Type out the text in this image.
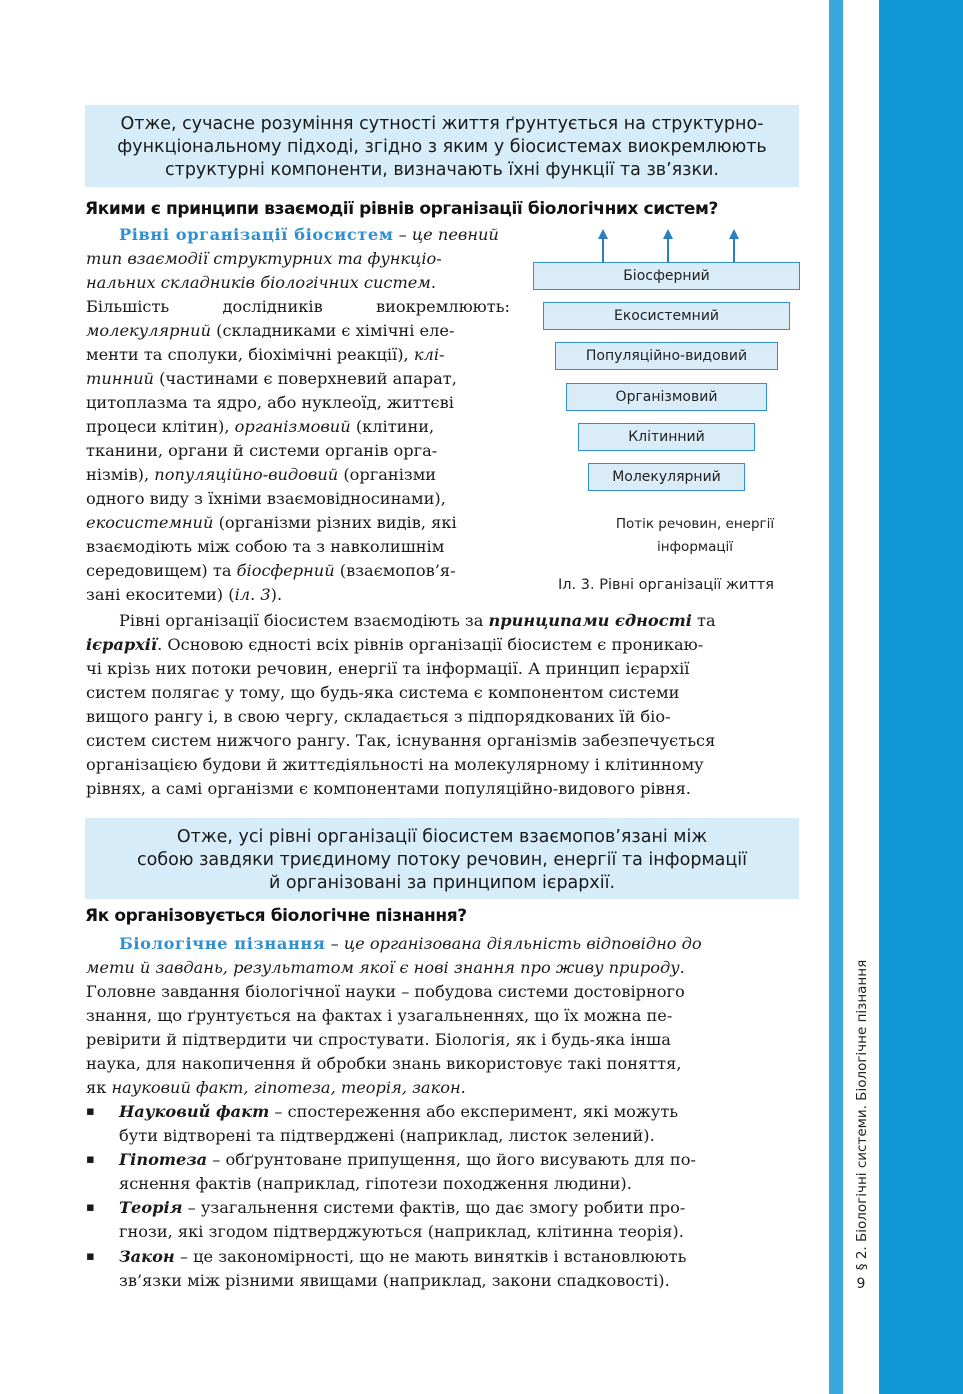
§ 2. Біологічні системи. Біологічне пізнання
9
Отже, сучасне розуміння сутності життя ґрунтується на структурно-
функціональному підході, згідно з яким у біосистемах виокремлюють
структурні компоненти, визначають їхні функції та зв’язки.
Якими є принципи взаємодії рівнів організації біологічних систем?
Біосферний
Екосистемний
Популяційно-видовий
Організмовий
Клітинний
Молекулярний
Потік речовин, енергії
інформації
Іл. 3. Рівні організації життя
Рівні організації біосистем – це певний
тип взаємодії структурних та функціо-
нальних складників біологічних систем.
Більшість дослідників виокремлюють:
молекулярний (складниками є хімічні еле-
менти та сполуки, біохімічні реакції), клі-
тинний (частинами є поверхневий апарат,
цитоплазма та ядро, або нуклеоїд, життєві
процеси клітин), організмовий (клітини,
тканини, органи й системи органів орга-
нізмів), популяційно-видовий (організми
одного виду з їхніми взаємовідносинами),
екосистемний (організми різних видів, які
взаємодіють між собою та з навколишнім
середовищем) та біосферний (взаємопов’я-
зані екоситеми) (іл. 3).
Рівні організації біосистем взаємодіють за принципами єдності та
ієрархії. Основою єдності всіх рівнів організації біосистем є проникаю-
чі крізь них потоки речовин, енергії та інформації. А принцип ієрархії
систем полягає у тому, що будь-яка система є компонентом системи
вищого рангу і, в свою чергу, складається з підпорядкованих їй біо-
систем систем нижчого рангу. Так, існування організмів забезпечується
організацією будови й життєдіяльності на молекулярному і клітинному
рівнях, а самі організми є компонентами популяційно-видового рівня.
Отже, усі рівні організації біосистем взаємопов’язані між
собою завдяки триєдиному потоку речовин, енергії та інформації
й організовані за принципом ієрархії.
Як організовується біологічне пізнання?
Біологічне пізнання – це організована діяльність відповідно до
мети й завдань, результатом якої є нові знання про живу природу.
Головне завдання біологічної науки – побудова системи достовірного
знання, що ґрунтується на фактах і узагальненнях, що їх можна пе-
ревірити й підтвердити чи спростувати. Біологія, як і будь-яка інша
наука, для накопичення й обробки знань використовує такі поняття,
як науковий факт, гіпотеза, теорія, закон.
▪ Науковий факт – спостереження або експеримент, які можуть
бути відтворені та підтверджені (наприклад, листок зелений).
▪ Гіпотеза – обґрунтоване припущення, що його висувають для по-
яснення фактів (наприклад, гіпотези походження людини).
▪ Теорія – узагальнення системи фактів, що дає змогу робити про-
гнози, які згодом підтверджуються (наприклад, клітинна теорія).
▪ Закон – це закономірності, що не мають винятків і встановлюють
зв’язки між різними явищами (наприклад, закони спадковості).
